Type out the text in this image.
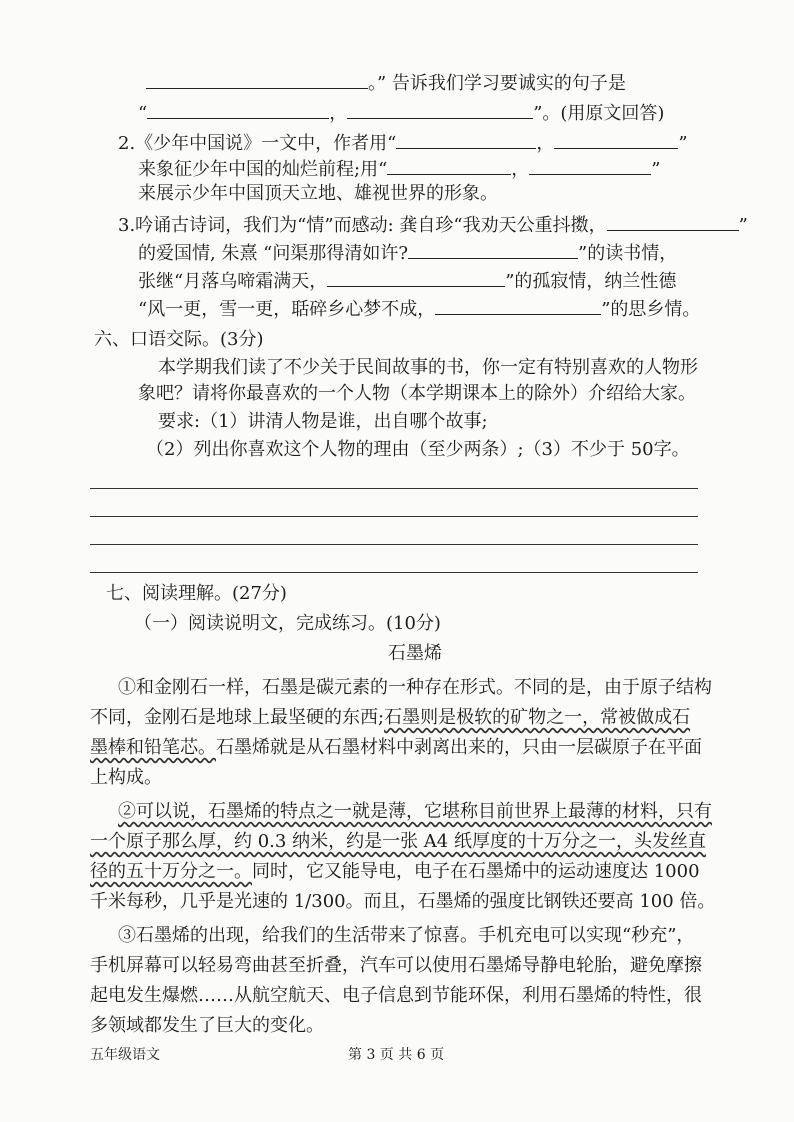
。” 告诉我们学习要诚实的句子是
“	，	”。(用原文回答)
2.《少年中国说》一文中，作者用“	，	”
来象征少年中国的灿烂前程;用“	，	”
来展示少年中国顶天立地、雄视世界的形象。
3.吟诵古诗词，我们为“情”而感动: 龚自珍“我劝天公重抖擞，	”
的爱国情, 朱熹 “问渠那得清如许?	”的读书情，
张继“月落乌啼霜满天，	”的孤寂情，纳兰性德
“风一更，雪一更，聒碎乡心梦不成，	”的思乡情。
六、口语交际。(3分)
本学期我们读了不少关于民间故事的书，你一定有特别喜欢的人物形
象吧？请将你最喜欢的一个人物（本学期课本上的除外）介绍给大家。
要求:（1）讲清人物是谁，出自哪个故事;
（2）列出你喜欢这个人物的理由（至少两条）;（3）不少于 50字。
七、阅读理解。(27分)
（一）阅读说明文，完成练习。(10分)
石墨烯
①和金刚石一样，石墨是碳元素的一种存在形式。不同的是，由于原子结构
不同，金刚石是地球上最坚硬的东西;石墨则是极软的矿物之一，常被做成石
墨棒和铅笔芯。石墨烯就是从石墨材料中剥离出来的，只由一层碳原子在平面
上构成。
②可以说，石墨烯的特点之一就是薄，它堪称目前世界上最薄的材料，只有
一个原子那么厚，约 0.3 纳米，约是一张 A4 纸厚度的十万分之一，头发丝直
径的五十万分之一。同时，它又能导电，电子在石墨烯中的运动速度达 1000
千米每秒，几乎是光速的 1/300。而且，石墨烯的强度比钢铁还要高 100 倍。
③石墨烯的出现，给我们的生活带来了惊喜。手机充电可以实现“秒充”，
手机屏幕可以轻易弯曲甚至折叠，汽车可以使用石墨烯导静电轮胎，避免摩擦
起电发生爆燃……从航空航天、电子信息到节能环保，利用石墨烯的特性，很
多领域都发生了巨大的变化。
五年级语文	第 3 页 共 6 页
